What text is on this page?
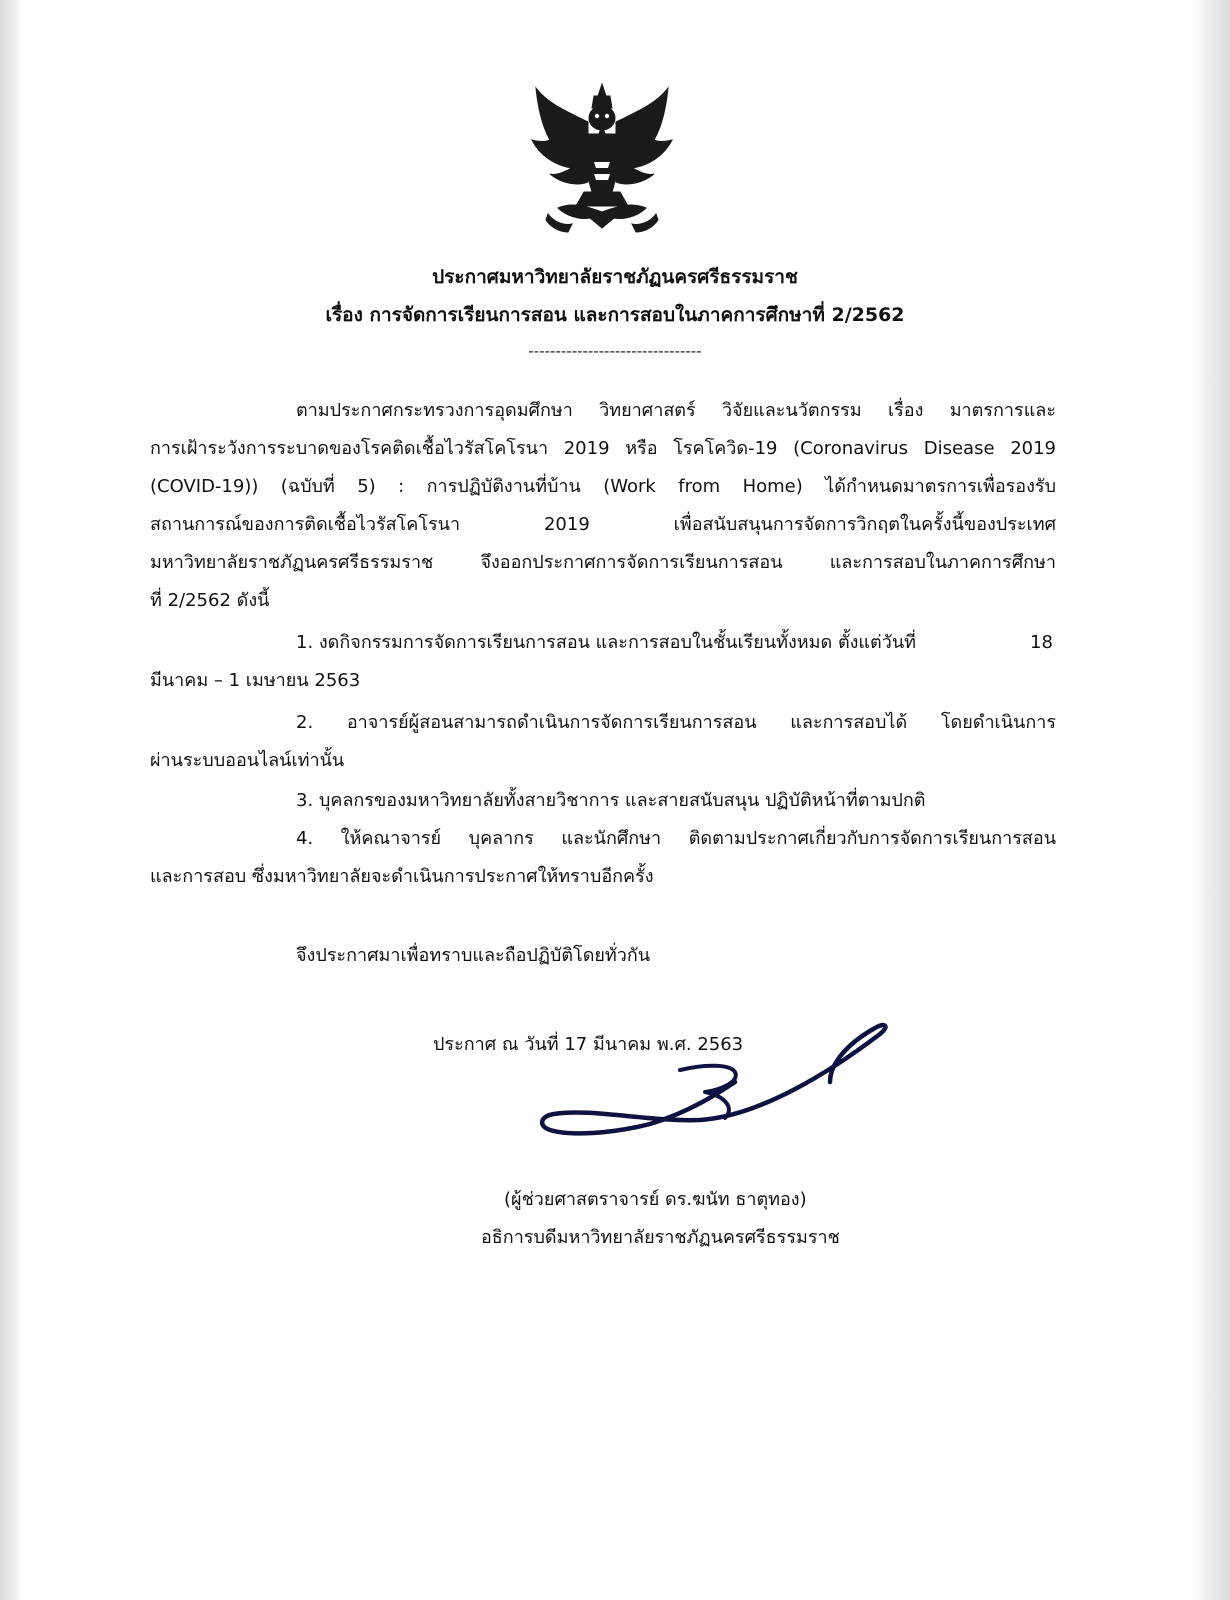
ประกาศมหาวิทยาลัยราชภัฏนครศรีธรรมราช
เรื่อง การจัดการเรียนการสอน และการสอบในภาคการศึกษาที่ 2/2562
--------------------------------
ตามประกาศกระทรวงการอุดมศึกษา วิทยาศาสตร์ วิจัยและนวัตกรรม เรื่อง มาตรการและ
การเฝ้าระวังการระบาดของโรคติดเชื้อไวรัสโคโรนา 2019 หรือ โรคโควิด-19 (Coronavirus Disease 2019
(COVID-19)) (ฉบับที่ 5) : การปฏิบัติงานที่บ้าน (Work from Home) ได้กำหนดมาตรการเพื่อรองรับ
สถานการณ์ของการติดเชื้อไวรัสโคโรนา 2019 เพื่อสนับสนุนการจัดการวิกฤตในครั้งนี้ของประเทศ
มหาวิทยาลัยราชภัฏนครศรีธรรมราช จึงออกประกาศการจัดการเรียนการสอน และการสอบในภาคการศึกษา
ที่ 2/2562 ดังนี้
1. งดกิจกรรมการจัดการเรียนการสอน และการสอบในชั้นเรียนทั้งหมด ตั้งแต่วันที่	18
มีนาคม – 1 เมษายน 2563
2. อาจารย์ผู้สอนสามารถดำเนินการจัดการเรียนการสอน และการสอบได้ โดยดำเนินการ
ผ่านระบบออนไลน์เท่านั้น
3. บุคลกรของมหาวิทยาลัยทั้งสายวิชาการ และสายสนับสนุน ปฏิบัติหน้าที่ตามปกติ
4. ให้คณาจารย์ บุคลากร และนักศึกษา ติดตามประกาศเกี่ยวกับการจัดการเรียนการสอน
และการสอบ ซึ่งมหาวิทยาลัยจะดำเนินการประกาศให้ทราบอีกครั้ง
จึงประกาศมาเพื่อทราบและถือปฏิบัติโดยทั่วกัน
ประกาศ ณ วันที่ 17 มีนาคม พ.ศ. 2563
(ผู้ช่วยศาสตราจารย์ ดร.ฆนัท ธาตุทอง)
อธิการบดีมหาวิทยาลัยราชภัฏนครศรีธรรมราช
